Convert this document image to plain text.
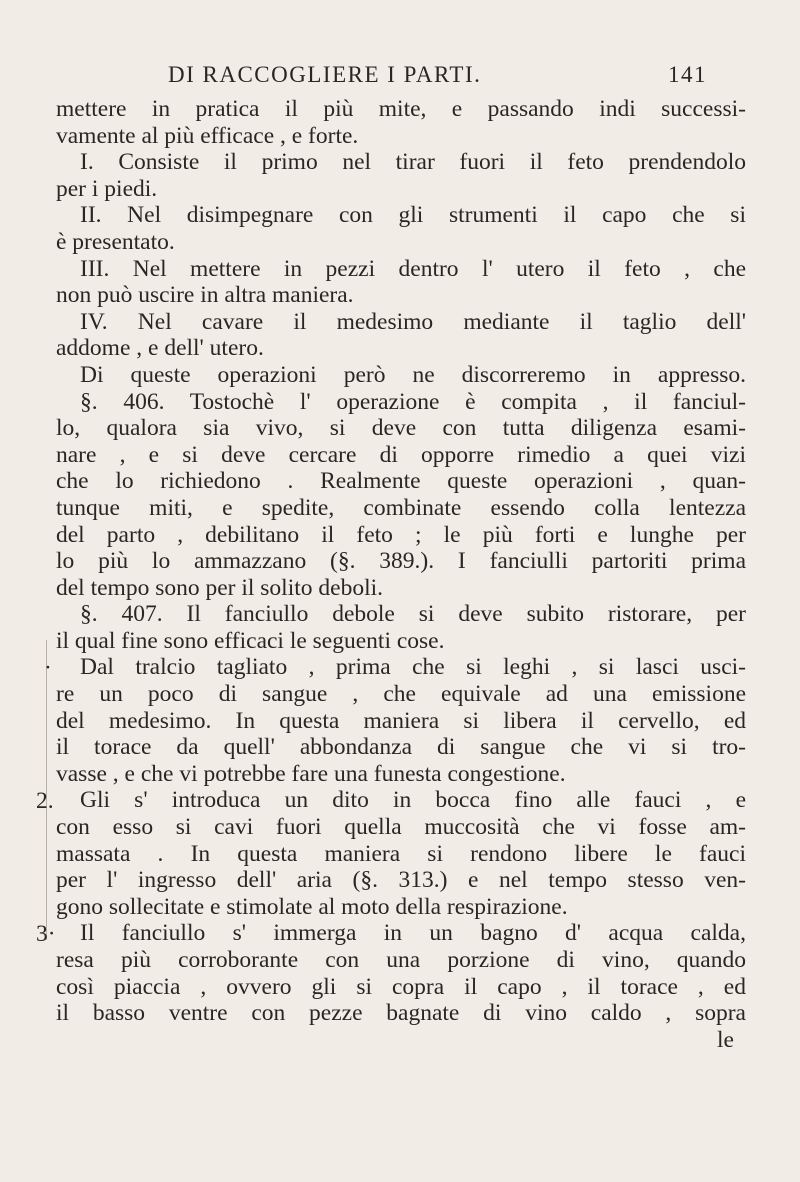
DI RACCOGLIERE I PARTI.	141
·
2.
3·
mettere in pratica il più mite, e passando indi successi-
vamente al più efficace , e forte.
I. Consiste il primo nel tirar fuori il feto prendendolo
per i piedi.
II. Nel disimpegnare con gli strumenti il capo che si
è presentato.
III. Nel mettere in pezzi dentro l' utero il feto , che
non può uscire in altra maniera.
IV. Nel cavare il medesimo mediante il taglio dell'
addome , e dell' utero.
Di queste operazioni però ne discorreremo in appresso.
§. 406. Tostochè l' operazione è compita , il fanciul-
lo, qualora sia vivo, si deve con tutta diligenza esami-
nare , e si deve cercare di opporre rimedio a quei vizi
che lo richiedono . Realmente queste operazioni , quan-
tunque miti, e spedite, combinate essendo colla lentezza
del parto , debilitano il feto ; le più forti e lunghe per
lo più lo ammazzano (§. 389.). I fanciulli partoriti prima
del tempo sono per il solito deboli.
§. 407. Il fanciullo debole si deve subito ristorare, per
il qual fine sono efficaci le seguenti cose.
Dal tralcio tagliato , prima che si leghi , si lasci usci-
re un poco di sangue , che equivale ad una emissione
del medesimo. In questa maniera si libera il cervello, ed
il torace da quell' abbondanza di sangue che vi si tro-
vasse , e che vi potrebbe fare una funesta congestione.
Gli s' introduca un dito in bocca fino alle fauci , e
con esso si cavi fuori quella muccosità che vi fosse am-
massata . In questa maniera si rendono libere le fauci
per l' ingresso dell' aria (§. 313.) e nel tempo stesso ven-
gono sollecitate e stimolate al moto della respirazione.
Il fanciullo s' immerga in un bagno d' acqua calda,
resa più corroborante con una porzione di vino, quando
così piaccia , ovvero gli si copra il capo , il torace , ed
il basso ventre con pezze bagnate di vino caldo , sopra
le
